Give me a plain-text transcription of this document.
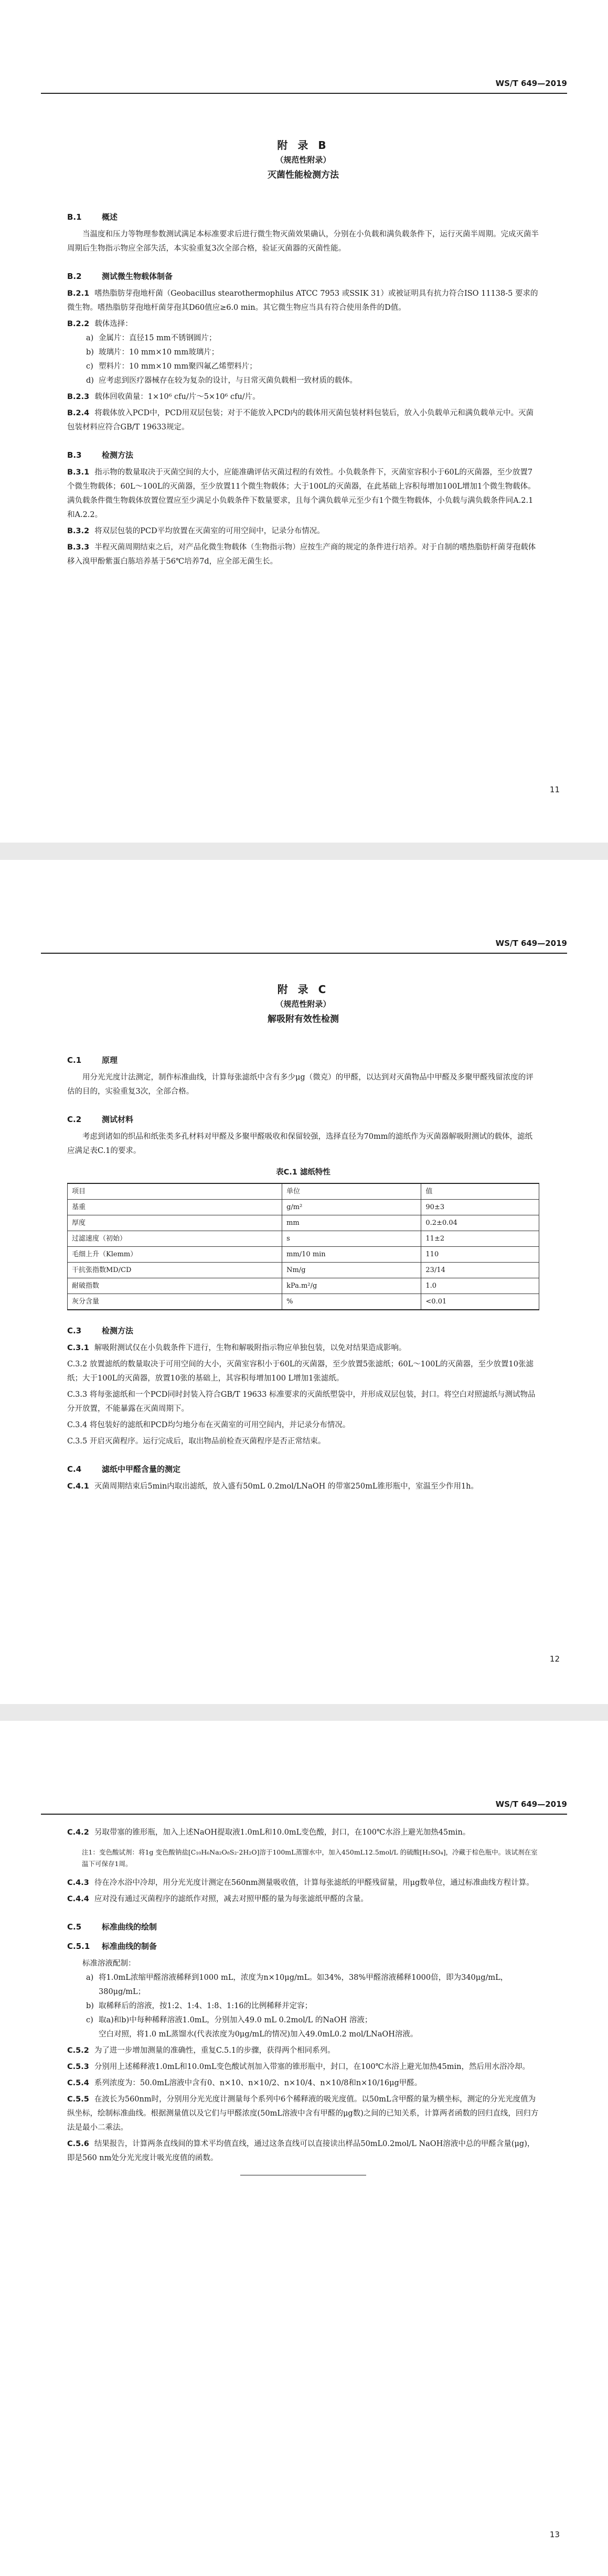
WS/T 649—2019
附 录 B
（规范性附录）
灭菌性能检测方法
B.1	概述

当温度和压力等物理参数测试满足本标准要求后进行微生物灭菌效果确认，分别在小负载和满负载条件下，运行灭菌半周期。完成灭菌半周期后生物指示物应全部失活，本实验重复3次全部合格，验证灭菌器的灭菌性能。

B.2	测试微生物载体制备

B.2.1 嗜热脂肪芽孢地杆菌（Geobacillus stearothermophilus ATCC 7953 或SSIK 31）或被证明具有抗力符合ISO 11138-5 要求的微生物。嗜热脂肪芽孢地杆菌芽孢其D60值应≥6.0 min。其它微生物应当具有符合使用条件的D值。

B.2.2 载体选择：

a) 金属片：直径15 mm不锈钢圆片；

b) 玻璃片：10 mm×10 mm玻璃片；

c) 塑料片：10 mm×10 mm聚四氟乙烯塑料片；

d) 应考虑到医疗器械存在较为复杂的设计，与日常灭菌负载相一致材质的载体。

B.2.3 载体回收菌量：1×10⁶ cfu/片～5×10⁶ cfu/片。

B.2.4 将载体放入PCD中，PCD用双层包装；对于不能放入PCD内的载体用灭菌包装材料包装后，放入小负载单元和满负载单元中。灭菌包装材料应符合GB/T 19633规定。

B.3	检测方法

B.3.1 指示物的数量取决于灭菌空间的大小，应能准确评估灭菌过程的有效性。小负载条件下，灭菌室容积小于60L的灭菌器，至少放置7个微生物载体；60L～100L的灭菌器，至少放置11个微生物载体；大于100L的灭菌器，在此基础上容积每增加100L增加1个微生物载体。满负载条件微生物载体放置位置应至少满足小负载条件下数量要求，且每个满负载单元至少有1个微生物载体，小负载与满负载条件同A.2.1和A.2.2。

B.3.2 将双层包装的PCD平均放置在灭菌室的可用空间中，记录分布情况。

B.3.3 半程灭菌周期结束之后，对产品化微生物载体（生物指示物）应按生产商的规定的条件进行培养。对于自制的嗜热脂肪杆菌芽孢载体移入溴甲酚紫蛋白胨培养基于56℃培养7d，应全部无菌生长。

11
WS/T 649—2019
附 录 C
（规范性附录）
解吸附有效性检测
C.1	原理

用分光光度计法测定，制作标准曲线，计算每张滤纸中含有多少μg（微克）的甲醛，以达到对灭菌物品中甲醛及多聚甲醛残留浓度的评估的目的，实验重复3次，全部合格。

C.2	测试材料

考虑到诸如的织品和纸张类多孔材料对甲醛及多聚甲醛吸收和保留较强，选择直径为70mm的滤纸作为灭菌器解吸附测试的载体，滤纸应满足表C.1的要求。

表C.1 滤纸特性
项目	单位	值
基重	g/m²	90±3
厚度	mm	0.2±0.04
过滤速度（初始）	s	11±2
毛细上升（Klemm）	mm/10 min	110
干抗张指数MD/CD	Nm/g	23/14
耐破指数	kPa.m²/g	1.0
灰分含量	%	<0.01
C.3	检测方法

C.3.1 解吸附测试仅在小负载条件下进行，生物和解吸附指示物应单独包装，以免对结果造成影响。

C.3.2 放置滤纸的数量取决于可用空间的大小，灭菌室容积小于60L的灭菌器，至少放置5张滤纸；60L～100L的灭菌器，至少放置10张滤纸；大于100L的灭菌器，放置10张的基础上，其容积每增加100 L增加1张滤纸。

C.3.3 将每张滤纸和一个PCD同时封装入符合GB/T 19633 标准要求的灭菌纸塑袋中，并形成双层包装，封口。将空白对照滤纸与测试物品分开放置，不能暴露在灭菌周期下。

C.3.4 将包装好的滤纸和PCD均匀地分布在灭菌室的可用空间内，并记录分布情况。

C.3.5 开启灭菌程序。运行完成后，取出物品前检查灭菌程序是否正常结束。

C.4	滤纸中甲醛含量的测定

C.4.1 灭菌周期结束后5min内取出滤纸，放入盛有50mL 0.2mol/LNaOH 的带塞250mL锥形瓶中，室温至少作用1h。

12
WS/T 649—2019

C.4.2 另取带塞的锥形瓶，加入上述NaOH提取液1.0mL和10.0mL变色酸，封口，在100℃水浴上避光加热45min。

注1：变色酸试剂：将1g 变色酸钠盐[C₁₀H₆Na₂O₈S₂·2H₂O]溶于100mL蒸馏水中，加入450mL12.5mol/L 的硫酸[H₂SO₄]，冷藏于棕色瓶中。该试剂在室温下可保存1周。

C.4.3 待在冷水浴中冷却，用分光光度计测定在560nm测量吸收值，计算每张滤纸的甲醛残留量，用μg数单位，通过标准曲线方程计算。

C.4.4 应对没有通过灭菌程序的滤纸作对照，减去对照甲醛的量为每张滤纸甲醛的含量。

C.5	标准曲线的绘制
C.5.1 标准曲线的制备

标准溶液配制：

a) 将1.0mL浓缩甲醛溶液稀释到1000 mL，浓度为n×10μg/mL。如34%，38%甲醛溶液稀释1000倍，即为340μg/mL，380μg/mL；

b) 取稀释后的溶液，按1:2、1:4、1:8、1:16的比例稀释并定容；

c) 取a)和b)中每种稀释溶液1.0mL，分别加入49.0 mL 0.2mol/L 的NaOH 溶液；

空白对照，将1.0 mL蒸馏水(代表浓度为0μg/mL的情况)加入49.0mL0.2 mol/LNaOH溶液。

C.5.2 为了进一步增加测量的准确性，重复C.5.1的步骤，获得两个相同系列。

C.5.3 分别用上述稀释液1.0mL和10.0mL变色酸试剂加入带塞的锥形瓶中，封口，在100℃水浴上避光加热45min，然后用水浴冷却。

C.5.4 系列浓度为：50.0mL溶液中含有0、n×10、n×10/2、n×10/4、n×10/8和n×10/16μg甲醛。

C.5.5 在波长为560nm时，分别用分光光度计测量每个系列中6个稀释液的吸光度值。以50mL含甲醛的量为横坐标，测定的分光光度值为纵坐标，绘制标准曲线。根据测量值以及它们与甲醛浓度(50mL溶液中含有甲醛的μg数)之间的已知关系，计算两者函数的回归直线，回归方法是最小二乘法。

C.5.6 结果报告，计算两条直线间的算术平均值直线，通过这条直线可以直接读出样品50mL0.2mol/L NaOH溶液中总的甲醛含量(μg)，即是560 nm处分光光度计吸光度值的函数。

13
